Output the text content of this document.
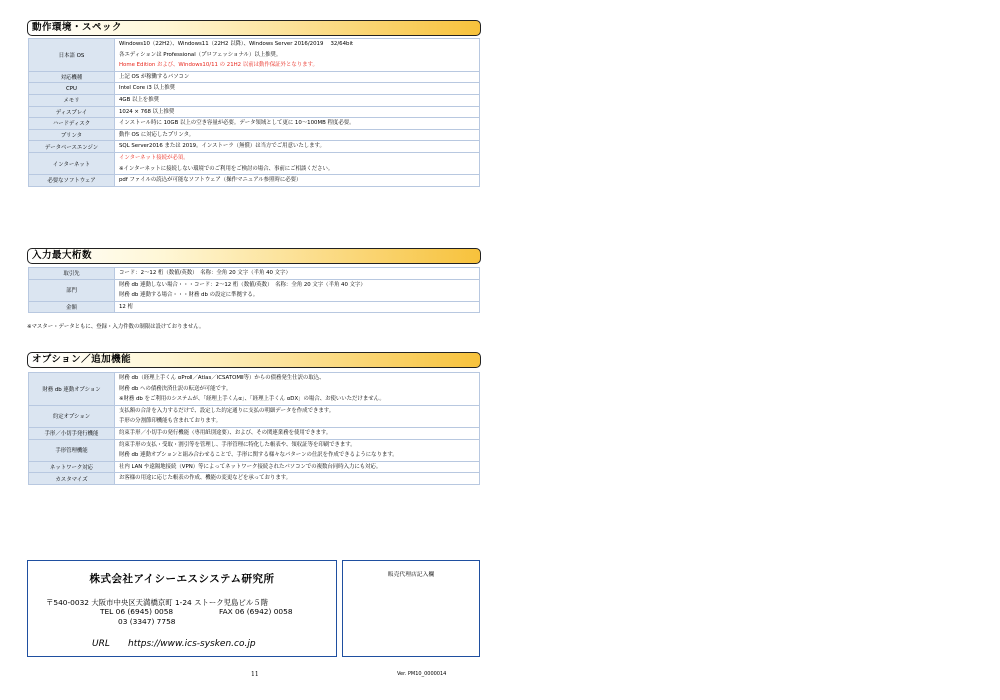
動作環境・スペック
日本語 OS	Windows10（22H2）、Windows11（22H2 以降）、Windows Server 2016/2019　 32/64bit
各エディションは Professional（プロフェッショナル）以上推奨。
Home Edition および、Windows10/11 の 21H2 以前は動作保証外となります。

対応機種	上記 OS が稼働するパソコン

CPU	Intel Core i3 以上推奨

メモリ	4GB 以上を推奨

ディスプレイ	1024 × 768 以上推奨

ハードディスク	インストール時に 10GB 以上の空き容量が必要。データ領域として更に 10～100MB 程度必要。

プリンタ	動作 OS に対応したプリンタ。

データベースエンジン	SQL Server2016 または 2019。インストーラ（無償）は当方でご用意いたします。

インターネット	インターネット接続が必須。
※インターネットに接続しない環境でのご利用をご検討の場合、事前にご相談ください。

必要なソフトウェア	pdf ファイルの読込が可能なソフトウェア（操作マニュアル参照時に必要）
入力最大桁数
取引先	コード：2～12 桁（数値/英数）　名称：全角 20 文字（半角 40 文字）

部門	財務 db 連動しない場合・・・コード：2～12 桁（数値/英数）　名称：全角 20 文字（半角 40 文字）
財務 db 連動する場合・・・財務 db の設定に準拠する。

金額	12 桁
※マスター・データともに、登録・入力件数の制限は設けておりません。
オプション／追加機能
財務 db 連動オプション	財務 db（経理上手くん αProⅡ／Atlas／ICSATOMⅡ等）からの債務発生仕訳の取込、
財務 db への債務決済仕訳の転送が可能です。
※財務 db をご利用のシステムが、「経理上手くんα」、「経理上手くん αDX」の場合、お使いいただけません。

約定オプション	支払額の合計を入力するだけで、設定した約定通りに支払の明細データを作成できます。
手形の分割節印機能も含まれております。

手形／小切手発行機能	約束手形／小切手の発行機能（専用紙別途要）、および、その関連業務を使用できます。

手形管理機能	約束手形の支払・受取・割引等を管理し、手形管理に特化した帳表や、領収証等を印刷できます。
財務 db 連動オプションと組み合わせることで、手形に関する様々なパターンの仕訳を作成できるようになります。

ネットワーク対応	社内 LAN や遠隔地接続（VPN）等によってネットワーク接続されたパソコンでの複数台同時入力にも対応。

カスタマイズ	お客様の用途に応じた帳表の作成、機能の変更などを承っております。
株式会社アイシーエスシステム研究所
〒540-0032 大阪市中央区天満橋京町 1-24 ストーク児島ビル５階
TEL 06 (6945) 0058	FAX 06 (6942) 0058
03 (3347) 7758
URL https://www.ics-sysken.co.jp
販売代理店記入欄
11	Ver. PM10_0000014
